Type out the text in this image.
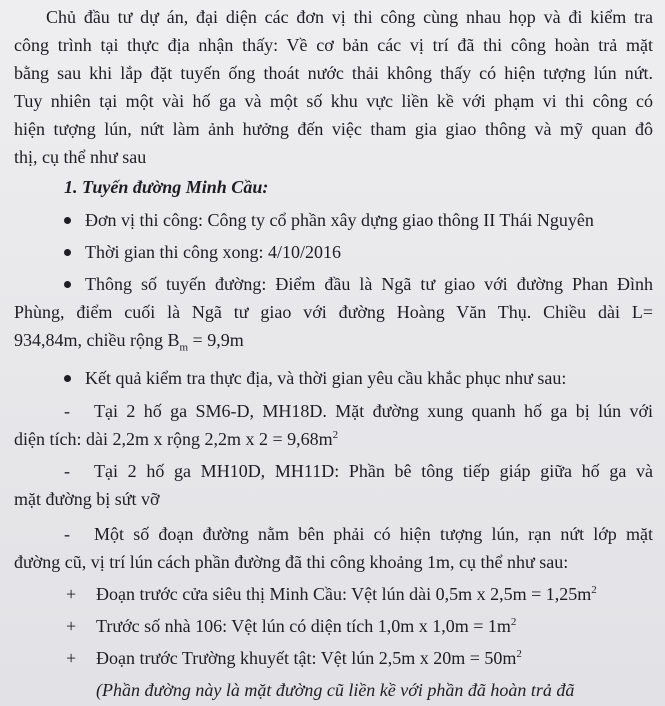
Chủ đầu tư dự án, đại diện các đơn vị thi công cùng nhau họp và đi kiểm tra
công trình tại thực địa nhận thấy: Về cơ bản các vị trí đã thi công hoàn trả mặt
bằng sau khi lắp đặt tuyến ống thoát nước thải không thấy có hiện tượng lún nứt.
Tuy nhiên tại một vài hố ga và một số khu vực liền kề với phạm vi thi công có
hiện tượng lún, nứt làm ảnh hưởng đến việc tham gia giao thông và mỹ quan đô
thị, cụ thể như sau
1. Tuyến đường Minh Cầu:
Đơn vị thi công: Công ty cổ phần xây dựng giao thông II Thái Nguyên
Thời gian thi công xong: 4/10/2016
Thông số tuyến đường: Điểm đầu là Ngã tư giao với đường Phan Đình
Phùng, điểm cuối là Ngã tư giao với đường Hoàng Văn Thụ. Chiều dài L=
934,84m, chiều rộng $B_m = 9,9m$
Kết quả kiểm tra thực địa, và thời gian yêu cầu khắc phục như sau:
- Tại 2 hố ga SM6-D, MH18D. Mặt đường xung quanh hố ga bị lún với
diện tích: dài 2,2m x rộng 2,2m x $2 = 9,68m^2$
- Tại 2 hố ga MH10D, MH11D: Phần bê tông tiếp giáp giữa hố ga và
mặt đường bị sứt vỡ
- Một số đoạn đường nằm bên phải có hiện tượng lún, rạn nứt lớp mặt
đường cũ, vị trí lún cách phần đường đã thi công khoảng 1m, cụ thể như sau:
+ Đoạn trước cửa siêu thị Minh Cầu: Vệt lún dài 0,5m x $2,5m = 1,25m^2$
+ Trước số nhà 106: Vệt lún có diện tích 1,0m x $1,0m = 1m^2$
+ Đoạn trước Trường khuyết tật: Vệt lún 2,5m x $20m = 50m^2$
(Phần đường này là mặt đường cũ liền kề với phần đã hoàn trả đã
